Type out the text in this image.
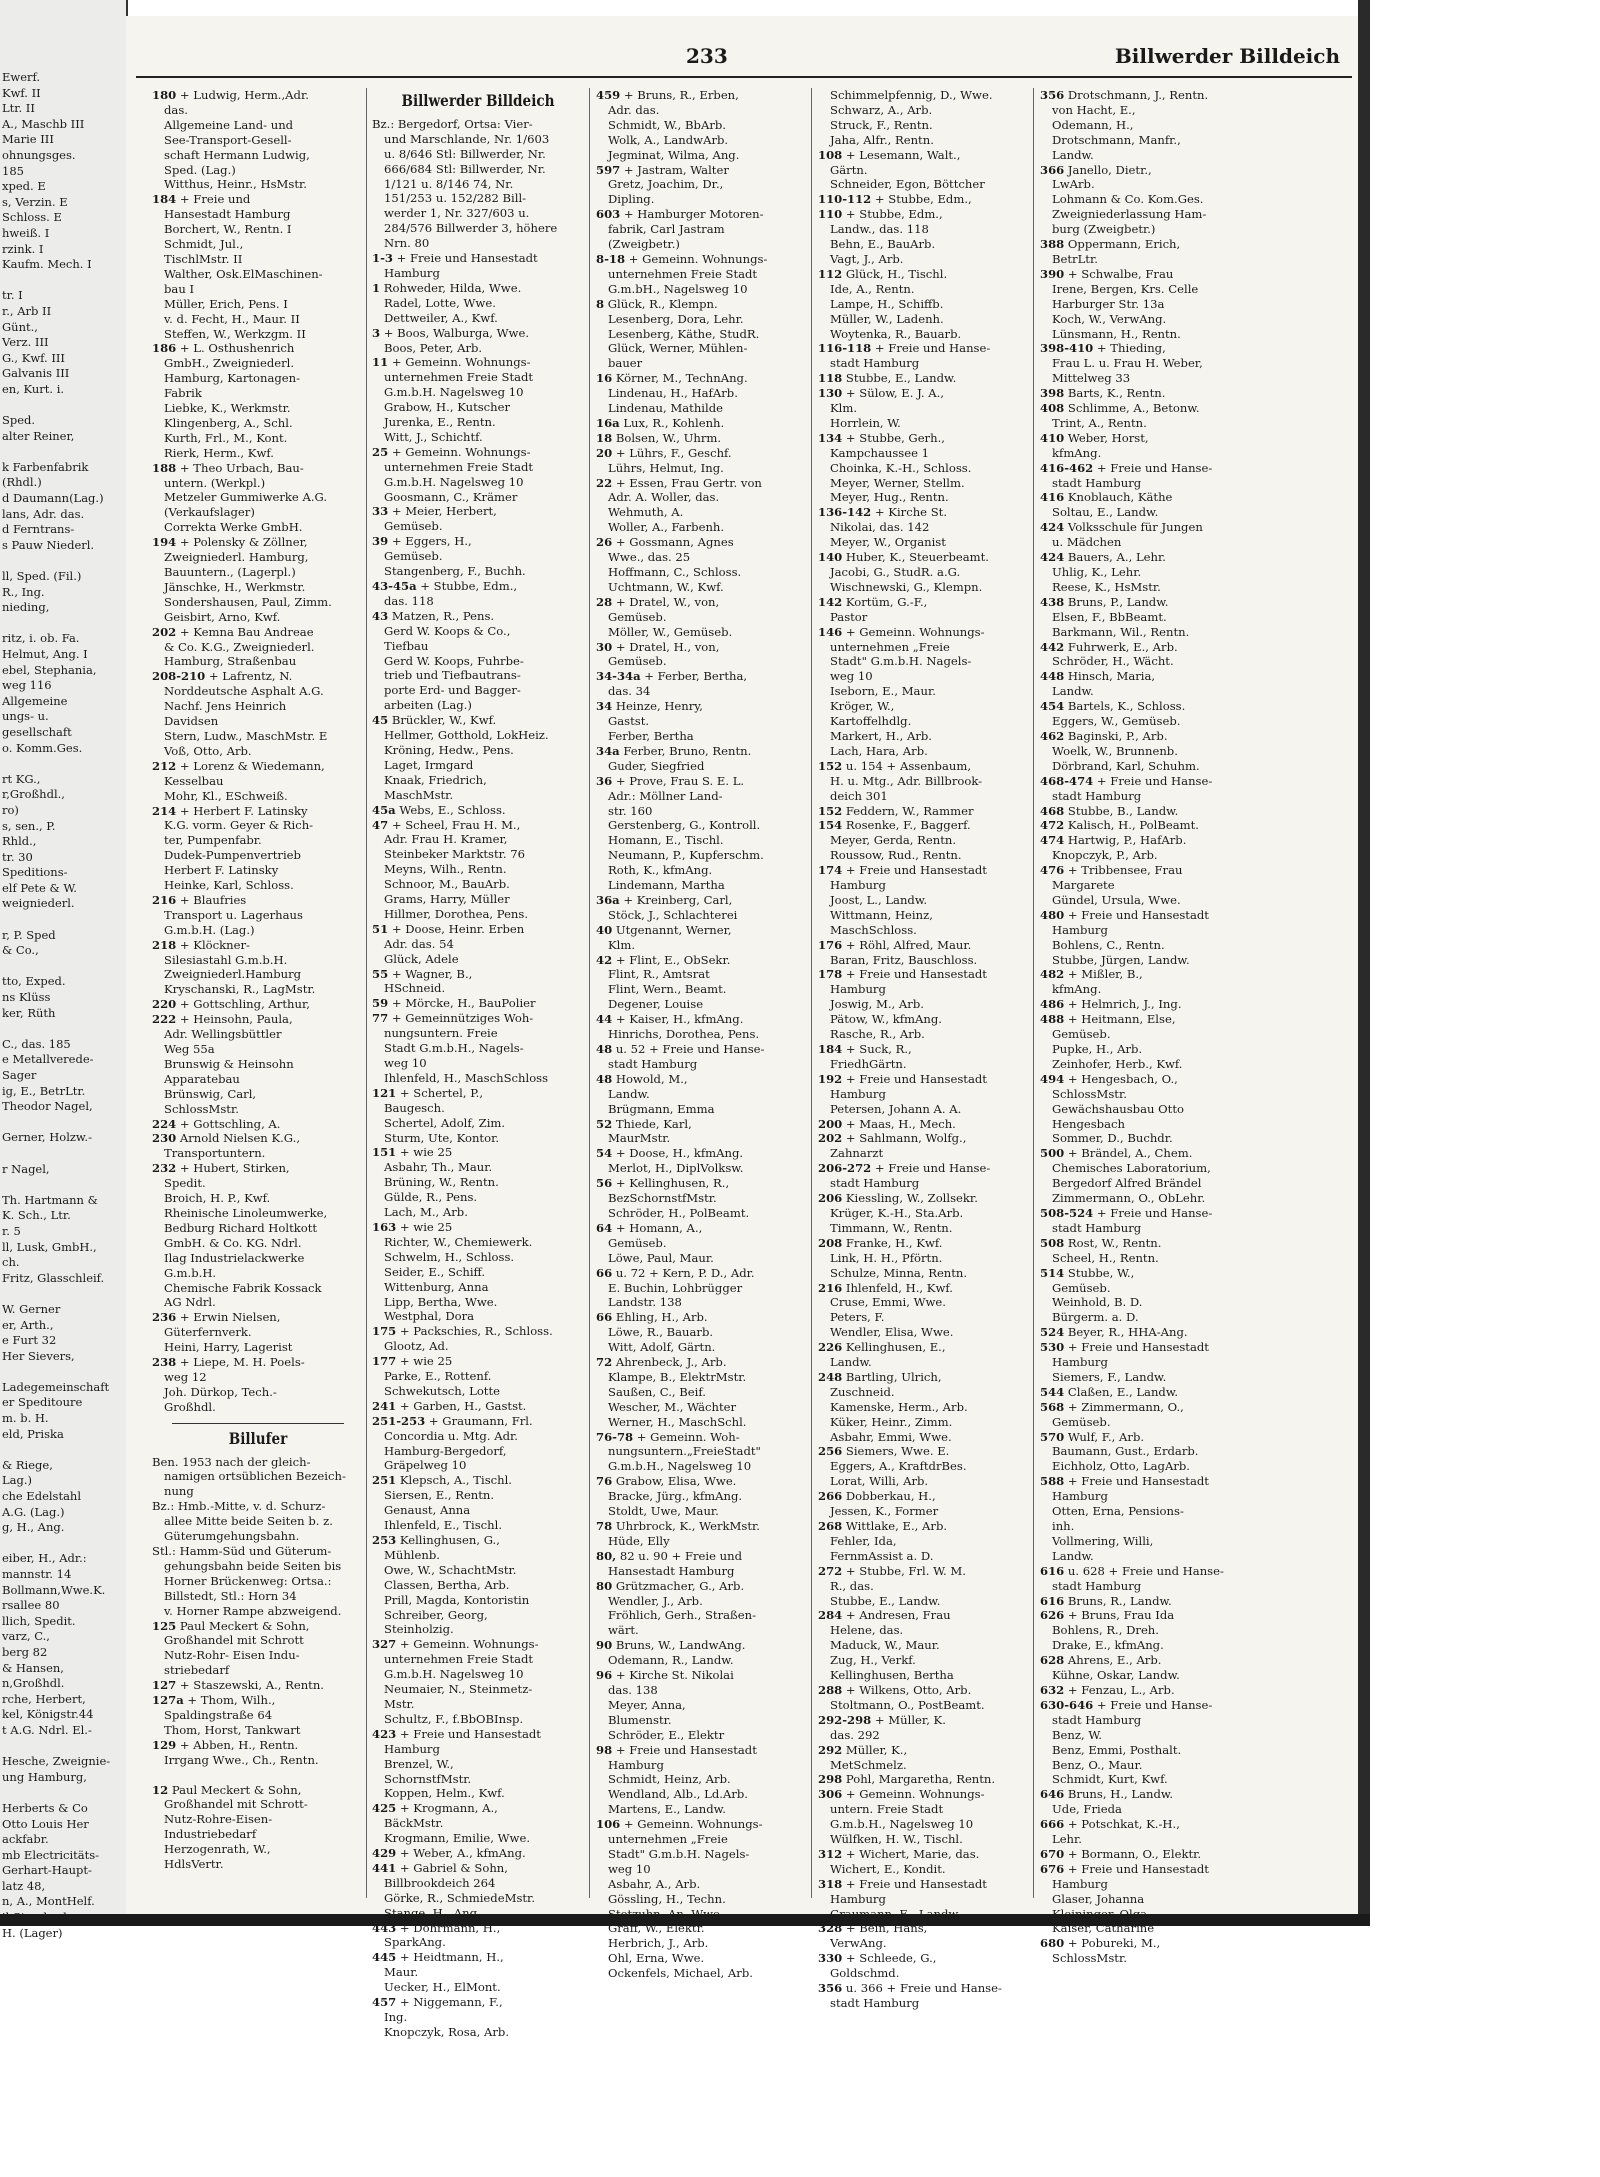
Ewerf.
Kwf. II
Ltr. II
A., Maschb III
Marie III
ohnungsges.
185
xped. E
s, Verzin. E
Schloss. E
hweiß. I
rzink. I
Kaufm. Mech. I

tr. I
r., Arb II
Günt.,
Verz. III
G., Kwf. III
Galvanis III
en, Kurt. i.

Sped.
alter Reiner,

k Farbenfabrik
(Rhdl.)
d Daumann(Lag.)
lans, Adr. das.
d Ferntrans-
s Pauw Niederl.

ll, Sped. (Fil.)
R., Ing.
nieding,

ritz, i. ob. Fa.
Helmut, Ang. I
ebel, Stephania,
weg 116
Allgemeine
ungs- u.
gesellschaft
o. Komm.Ges.

rt KG.,
r,Großhdl.,
ro)
s, sen., P.
Rhld.,
tr. 30
Speditions-
elf Pete & W.
weigniederl.

r, P. Sped
& Co.,

tto, Exped.
ns Klüss
ker, Rüth

C., das. 185
e Metallverede-
Sager
ig, E., BetrLtr.
Theodor Nagel,

Gerner, Holzw.-

r Nagel,

Th. Hartmann &
K. Sch., Ltr.
r. 5
ll, Lusk, GmbH.,
ch.
Fritz, Glasschleif.

W. Gerner
er, Arth.,
e Furt 32
Her Sievers,

Ladegemeinschaft
er Speditoure
m. b. H.
eld, Priska

& Riege,
Lag.)
che Edelstahl
A.G. (Lag.)
g, H., Ang.

eiber, H., Adr.:
mannstr. 14
Bollmann,Wwe.K.
rsallee 80
llich, Spedit.
varz, C.,
berg 82
& Hansen,
n,Großhdl.
rche, Herbert,
kel, Königstr.44
t A.G. Ndrl. El.-

Hesche, Zweignie-
ung Hamburg,

Herberts & Co
Otto Louis Her
ackfabr.
mb Electricitäts-
Gerhart-Haupt-
latz 48,
n, A., MontHelf.
H. (Lager)
233	Billwerder Billdeich
180 + Ludwig, Herm.,Adr.
das.
Allgemeine Land- und
See-Transport-Gesell-
schaft Hermann Ludwig,
Sped. (Lag.)
Witthus, Heinr., HsMstr.
184 + Freie und
Hansestadt Hamburg
Borchert, W., Rentn. I
Schmidt, Jul.,
TischlMstr. II
Walther, Osk.ElMaschinen-
bau I
Müller, Erich, Pens. I
v. d. Fecht, H., Maur. II
Steffen, W., Werkzgm. II
186 + L. Osthushenrich
GmbH., Zweigniederl.
Hamburg, Kartonagen-
Fabrik
Liebke, K., Werkmstr.
Klingenberg, A., Schl.
Kurth, Frl., M., Kont.
Rierk, Herm., Kwf.
188 + Theo Urbach, Bau-
untern. (Werkpl.)
Metzeler Gummiwerke A.G.
(Verkaufslager)
Correkta Werke GmbH.
194 + Polensky & Zöllner,
Zweigniederl. Hamburg,
Bauuntern., (Lagerpl.)
Jänschke, H., Werkmstr.
Sondershausen, Paul, Zimm.
Geisbirt, Arno, Kwf.
202 + Kemna Bau Andreae
& Co. K.G., Zweigniederl.
Hamburg, Straßenbau
208-210 + Lafrentz, N.
Norddeutsche Asphalt A.G.
Nachf. Jens Heinrich
Davidsen
Stern, Ludw., MaschMstr. E
Voß, Otto, Arb.
212 + Lorenz & Wiedemann,
Kesselbau
Mohr, Kl., ESchweiß.
214 + Herbert F. Latinsky
K.G. vorm. Geyer & Rich-
ter, Pumpenfabr.
Dudek-Pumpenvertrieb
Herbert F. Latinsky
Heinke, Karl, Schloss.
216 + Blaufries
Transport u. Lagerhaus
G.m.b.H. (Lag.)
218 + Klöckner-
Silesiastahl G.m.b.H.
Zweigniederl.Hamburg
Kryschanski, R., LagMstr.
220 + Gottschling, Arthur,
222 + Heinsohn, Paula,
Adr. Wellingsbüttler
Weg 55a
Brunswig & Heinsohn
Apparatebau
Brünswig, Carl,
SchlossMstr.
224 + Gottschling, A.
230 Arnold Nielsen K.G.,
Transportuntern.
232 + Hubert, Stirken,
Spedit.
Broich, H. P., Kwf.
Rheinische Linoleumwerke,
Bedburg Richard Holtkott
GmbH. & Co. KG. Ndrl.
Ilag Industrielackwerke
G.m.b.H.
Chemische Fabrik Kossack
AG Ndrl.
236 + Erwin Nielsen,
Güterfernverk.
Heini, Harry, Lagerist
238 + Liepe, M. H. Poels-
weg 12
Joh. Dürkop, Tech.-
Großhdl.
Billufer
Ben. 1953 nach der gleich-
namigen ortsüblichen Bezeich-
nung
Bz.: Hmb.-Mitte, v. d. Schurz-
allee Mitte beide Seiten b. z.
Güterumgehungsbahn.
Stl.: Hamm-Süd und Güterum-
gehungsbahn beide Seiten bis
Horner Brückenweg: Ortsa.:
Billstedt, Stl.: Horn 34
v. Horner Rampe abzweigend.
125 Paul Meckert & Sohn,
Großhandel mit Schrott
Nutz-Rohr- Eisen Indu-
striebedarf
127 + Staszewski, A., Rentn.
127a + Thom, Wilh.,
Spaldingstraße 64
Thom, Horst, Tankwart
129 + Abben, H., Rentn.
Irrgang Wwe., Ch., Rentn.

12 Paul Meckert & Sohn,
Großhandel mit Schrott-
Nutz-Rohre-Eisen-
Industriebedarf
Herzogenrath, W.,
HdlsVertr.
Billwerder Billdeich
Bz.: Bergedorf, Ortsa: Vier-
und Marschlande, Nr. 1/603
u. 8/646 Stl: Billwerder, Nr.
666/684 Stl: Billwerder, Nr.
1/121 u. 8/146 74, Nr.
151/253 u. 152/282 Bill-
werder 1, Nr. 327/603 u.
284/576 Billwerder 3, höhere
Nrn. 80
1-3 + Freie und Hansestadt
Hamburg
1 Rohweder, Hilda, Wwe.
Radel, Lotte, Wwe.
Dettweiler, A., Kwf.
3 + Boos, Walburga, Wwe.
Boos, Peter, Arb.
11 + Gemeinn. Wohnungs-
unternehmen Freie Stadt
G.m.b.H. Nagelsweg 10
Grabow, H., Kutscher
Jurenka, E., Rentn.
Witt, J., Schichtf.
25 + Gemeinn. Wohnungs-
unternehmen Freie Stadt
G.m.b.H. Nagelsweg 10
Goosmann, C., Krämer
33 + Meier, Herbert,
Gemüseb.
39 + Eggers, H.,
Gemüseb.
Stangenberg, F., Buchh.
43-45a + Stubbe, Edm.,
das. 118
43 Matzen, R., Pens.
Gerd W. Koops & Co.,
Tiefbau
Gerd W. Koops, Fuhrbe-
trieb und Tiefbautrans-
porte Erd- und Bagger-
arbeiten (Lag.)
45 Brückler, W., Kwf.
Hellmer, Gotthold, LokHeiz.
Kröning, Hedw., Pens.
Laget, Irmgard
Knaak, Friedrich,
MaschMstr.
45a Webs, E., Schloss.
47 + Scheel, Frau H. M.,
Adr. Frau H. Kramer,
Steinbeker Marktstr. 76
Meyns, Wilh., Rentn.
Schnoor, M., BauArb.
Grams, Harry, Müller
Hillmer, Dorothea, Pens.
51 + Doose, Heinr. Erben
Adr. das. 54
Glück, Adele
55 + Wagner, B.,
HSchneid.
59 + Mörcke, H., BauPolier
77 + Gemeinnütziges Woh-
nungsuntern. Freie
Stadt G.m.b.H., Nagels-
weg 10
Ihlenfeld, H., MaschSchloss
121 + Schertel, P.,
Baugesch.
Schertel, Adolf, Zim.
Sturm, Ute, Kontor.
151 + wie 25
Asbahr, Th., Maur.
Brüning, W., Rentn.
Gülde, R., Pens.
Lach, M., Arb.
163 + wie 25
Richter, W., Chemiewerk.
Schwelm, H., Schloss.
Seider, E., Schiff.
Wittenburg, Anna
Lipp, Bertha, Wwe.
Westphal, Dora
175 + Packschies, R., Schloss.
Glootz, Ad.
177 + wie 25
Parke, E., Rottenf.
Schwekutsch, Lotte
241 + Garben, H., Gastst.
251-253 + Graumann, Frl.
Concordia u. Mtg. Adr.
Hamburg-Bergedorf,
Gräpelweg 10
251 Klepsch, A., Tischl.
Siersen, E., Rentn.
Genaust, Anna
Ihlenfeld, E., Tischl.
253 Kellinghusen, G.,
Mühlenb.
Owe, W., SchachtMstr.
Classen, Bertha, Arb.
Prill, Magda, Kontoristin
Schreiber, Georg,
Steinholzig.
327 + Gemeinn. Wohnungs-
unternehmen Freie Stadt
G.m.b.H. Nagelsweg 10
Neumaier, N., Steinmetz-
Mstr.
Schultz, F., f.BbOBInsp.
423 + Freie und Hansestadt
Hamburg
Brenzel, W.,
SchornstfMstr.
Koppen, Helm., Kwf.
425 + Krogmann, A.,
BäckMstr.
Krogmann, Emilie, Wwe.
429 + Weber, A., kfmAng.
441 + Gabriel & Sohn,
Billbrookdeich 264
Görke, R., SchmiedeMstr.
Stange, H., Ang.
443 + Dohrmann, H.,
SparkAng.
445 + Heidtmann, H.,
Maur.
Uecker, H., ElMont.
457 + Niggemann, F.,
Ing.
Knopczyk, Rosa, Arb.
459 + Bruns, R., Erben,
Adr. das.
Schmidt, W., BbArb.
Wolk, A., LandwArb.
Jegminat, Wilma, Ang.
597 + Jastram, Walter
Gretz, Joachim, Dr.,
Dipling.
603 + Hamburger Motoren-
fabrik, Carl Jastram
(Zweigbetr.)
8-18 + Gemeinn. Wohnungs-
unternehmen Freie Stadt
G.m.bH., Nagelsweg 10
8 Glück, R., Klempn.
Lesenberg, Dora, Lehr.
Lesenberg, Käthe, StudR.
Glück, Werner, Mühlen-
bauer
16 Körner, M., TechnAng.
Lindenau, H., HafArb.
Lindenau, Mathilde
16a Lux, R., Kohlenh.
18 Bolsen, W., Uhrm.
20 + Lührs, F., Geschf.
Lührs, Helmut, Ing.
22 + Essen, Frau Gertr. von
Adr. A. Woller, das.
Wehmuth, A.
Woller, A., Farbenh.
26 + Gossmann, Agnes
Wwe., das. 25
Hoffmann, C., Schloss.
Uchtmann, W., Kwf.
28 + Dratel, W., von,
Gemüseb.
Möller, W., Gemüseb.
30 + Dratel, H., von,
Gemüseb.
34-34a + Ferber, Bertha,
das. 34
34 Heinze, Henry,
Gastst.
Ferber, Bertha
34a Ferber, Bruno, Rentn.
Guder, Siegfried
36 + Prove, Frau S. E. L.
Adr.: Möllner Land-
str. 160
Gerstenberg, G., Kontroll.
Homann, E., Tischl.
Neumann, P., Kupferschm.
Roth, K., kfmAng.
Lindemann, Martha
36a + Kreinberg, Carl,
Stöck, J., Schlachterei
40 Utgenannt, Werner,
Klm.
42 + Flint, E., ObSekr.
Flint, R., Amtsrat
Flint, Wern., Beamt.
Degener, Louise
44 + Kaiser, H., kfmAng.
Hinrichs, Dorothea, Pens.
48 u. 52 + Freie und Hanse-
stadt Hamburg
48 Howold, M.,
Landw.
Brügmann, Emma
52 Thiede, Karl,
MaurMstr.
54 + Doose, H., kfmAng.
Merlot, H., DiplVolksw.
56 + Kellinghusen, R.,
BezSchornstfMstr.
Schröder, H., PolBeamt.
64 + Homann, A.,
Gemüseb.
Löwe, Paul, Maur.
66 u. 72 + Kern, P. D., Adr.
E. Buchin, Lohbrügger
Landstr. 138
66 Ehling, H., Arb.
Löwe, R., Bauarb.
Witt, Adolf, Gärtn.
72 Ahrenbeck, J., Arb.
Klampe, B., ElektrMstr.
Saußen, C., Beif.
Wescher, M., Wächter
Werner, H., MaschSchl.
76-78 + Gemeinn. Woh-
nungsuntern.„FreieStadt"
G.m.b.H., Nagelsweg 10
76 Grabow, Elisa, Wwe.
Bracke, Jürg., kfmAng.
Stoldt, Uwe, Maur.
78 Uhrbrock, K., WerkMstr.
Hüde, Elly
80, 82 u. 90 + Freie und
Hansestadt Hamburg
80 Grützmacher, G., Arb.
Wendler, J., Arb.
Fröhlich, Gerh., Straßen-
wärt.
90 Bruns, W., LandwAng.
Odemann, R., Landw.
96 + Kirche St. Nikolai
das. 138
Meyer, Anna,
Blumenstr.
Schröder, E., Elektr
98 + Freie und Hansestadt
Hamburg
Schmidt, Heinz, Arb.
Wendland, Alb., Ld.Arb.
Martens, E., Landw.
106 + Gemeinn. Wohnungs-
unternehmen „Freie
Stadt" G.m.b.H. Nagels-
weg 10
Asbahr, A., Arb.
Gössling, H., Techn.
Stetzuhn, An. Wwe.
Graff, W., Elektr.
Herbrich, J., Arb.
Ohl, Erna, Wwe.
Ockenfels, Michael, Arb.
Schimmelpfennig, D., Wwe.
Schwarz, A., Arb.
Struck, F., Rentn.
Jaha, Alfr., Rentn.
108 + Lesemann, Walt.,
Gärtn.
Schneider, Egon, Böttcher
110-112 + Stubbe, Edm.,
110 + Stubbe, Edm.,
Landw., das. 118
Behn, E., BauArb.
Vagt, J., Arb.
112 Glück, H., Tischl.
Ide, A., Rentn.
Lampe, H., Schiffb.
Müller, W., Ladenh.
Woytenka, R., Bauarb.
116-118 + Freie und Hanse-
stadt Hamburg
118 Stubbe, E., Landw.
130 + Sülow, E. J. A.,
Klm.
Horrlein, W.
134 + Stubbe, Gerh.,
Kampchaussee 1
Choinka, K.-H., Schloss.
Meyer, Werner, Stellm.
Meyer, Hug., Rentn.
136-142 + Kirche St.
Nikolai, das. 142
Meyer, W., Organist
140 Huber, K., Steuerbeamt.
Jacobi, G., StudR. a.G.
Wischnewski, G., Klempn.
142 Kortüm, G.-F.,
Pastor
146 + Gemeinn. Wohnungs-
unternehmen „Freie
Stadt" G.m.b.H. Nagels-
weg 10
Iseborn, E., Maur.
Kröger, W.,
Kartoffelhdlg.
Markert, H., Arb.
Lach, Hara, Arb.
152 u. 154 + Assenbaum,
H. u. Mtg., Adr. Billbrook-
deich 301
152 Feddern, W., Rammer
154 Rosenke, F., Baggerf.
Meyer, Gerda, Rentn.
Roussow, Rud., Rentn.
174 + Freie und Hansestadt
Hamburg
Joost, L., Landw.
Wittmann, Heinz,
MaschSchloss.
176 + Röhl, Alfred, Maur.
Baran, Fritz, Bauschloss.
178 + Freie und Hansestadt
Hamburg
Joswig, M., Arb.
Pätow, W., kfmAng.
Rasche, R., Arb.
184 + Suck, R.,
FriedhGärtn.
192 + Freie und Hansestadt
Hamburg
Petersen, Johann A. A.
200 + Maas, H., Mech.
202 + Sahlmann, Wolfg.,
Zahnarzt
206-272 + Freie und Hanse-
stadt Hamburg
206 Kiessling, W., Zollsekr.
Krüger, K.-H., Sta.Arb.
Timmann, W., Rentn.
208 Franke, H., Kwf.
Link, H. H., Pförtn.
Schulze, Minna, Rentn.
216 Ihlenfeld, H., Kwf.
Cruse, Emmi, Wwe.
Peters, F.
Wendler, Elisa, Wwe.
226 Kellinghusen, E.,
Landw.
248 Bartling, Ulrich,
Zuschneid.
Kamenske, Herm., Arb.
Küker, Heinr., Zimm.
Asbahr, Emmi, Wwe.
256 Siemers, Wwe. E.
Eggers, A., KraftdrBes.
Lorat, Willi, Arb.
266 Dobberkau, H.,
Jessen, K., Former
268 Wittlake, E., Arb.
Fehler, Ida,
FernmAssist a. D.
272 + Stubbe, Frl. W. M.
R., das.
Stubbe, E., Landw.
284 + Andresen, Frau
Helene, das.
Maduck, W., Maur.
Zug, H., Verkf.
Kellinghusen, Bertha
288 + Wilkens, Otto, Arb.
Stoltmann, O., PostBeamt.
292-298 + Müller, K.
das. 292
292 Müller, K.,
MetSchmelz.
298 Pohl, Margaretha, Rentn.
306 + Gemeinn. Wohnungs-
untern. Freie Stadt
G.m.b.H., Nagelsweg 10
Wülfken, H. W., Tischl.
312 + Wichert, Marie, das.
Wichert, E., Kondit.
318 + Freie und Hansestadt
Hamburg
Graumann, E., Landw.
328 + Bein, Hans,
VerwAng.
330 + Schleede, G.,
Goldschmd.
356 u. 366 + Freie und Hanse-
stadt Hamburg
356 Drotschmann, J., Rentn.
von Hacht, E.,
Odemann, H.,
Drotschmann, Manfr.,
Landw.
366 Janello, Dietr.,
LwArb.
Lohmann & Co. Kom.Ges.
Zweigniederlassung Ham-
burg (Zweigbetr.)
388 Oppermann, Erich,
BetrLtr.
390 + Schwalbe, Frau
Irene, Bergen, Krs. Celle
Harburger Str. 13a
Koch, W., VerwAng.
Lünsmann, H., Rentn.
398-410 + Thieding,
Frau L. u. Frau H. Weber,
Mittelweg 33
398 Barts, K., Rentn.
408 Schlimme, A., Betonw.
Trint, A., Rentn.
410 Weber, Horst,
kfmAng.
416-462 + Freie und Hanse-
stadt Hamburg
416 Knoblauch, Käthe
Soltau, E., Landw.
424 Volksschule für Jungen
u. Mädchen
424 Bauers, A., Lehr.
Uhlig, K., Lehr.
Reese, K., HsMstr.
438 Bruns, P., Landw.
Elsen, F., BbBeamt.
Barkmann, Wil., Rentn.
442 Fuhrwerk, E., Arb.
Schröder, H., Wächt.
448 Hinsch, Maria,
Landw.
454 Bartels, K., Schloss.
Eggers, W., Gemüseb.
462 Baginski, P., Arb.
Woelk, W., Brunnenb.
Dörbrand, Karl, Schuhm.
468-474 + Freie und Hanse-
stadt Hamburg
468 Stubbe, B., Landw.
472 Kalisch, H., PolBeamt.
474 Hartwig, P., HafArb.
Knopczyk, P., Arb.
476 + Tribbensee, Frau
Margarete
Gündel, Ursula, Wwe.
480 + Freie und Hansestadt
Hamburg
Bohlens, C., Rentn.
Stubbe, Jürgen, Landw.
482 + Mißler, B.,
kfmAng.
486 + Helmrich, J., Ing.
488 + Heitmann, Else,
Gemüseb.
Pupke, H., Arb.
Zeinhofer, Herb., Kwf.
494 + Hengesbach, O.,
SchlossMstr.
Gewächshausbau Otto
Hengesbach
Sommer, D., Buchdr.
500 + Brändel, A., Chem.
Chemisches Laboratorium,
Bergedorf Alfred Brändel
Zimmermann, O., ObLehr.
508-524 + Freie und Hanse-
stadt Hamburg
508 Rost, W., Rentn.
Scheel, H., Rentn.
514 Stubbe, W.,
Gemüseb.
Weinhold, B. D.
Bürgerm. a. D.
524 Beyer, R., HHA-Ang.
530 + Freie und Hansestadt
Hamburg
Siemers, F., Landw.
544 Claßen, E., Landw.
568 + Zimmermann, O.,
Gemüseb.
570 Wulf, F., Arb.
Baumann, Gust., Erdarb.
Eichholz, Otto, LagArb.
588 + Freie und Hansestadt
Hamburg
Otten, Erna, Pensions-
inh.
Vollmering, Willi,
Landw.
616 u. 628 + Freie und Hanse-
stadt Hamburg
616 Bruns, R., Landw.
626 + Bruns, Frau Ida
Bohlens, R., Dreh.
Drake, E., kfmAng.
628 Ahrens, E., Arb.
Kühne, Oskar, Landw.
632 + Fenzau, L., Arb.
630-646 + Freie und Hanse-
stadt Hamburg
Benz, W.
Benz, Emmi, Posthalt.
Benz, O., Maur.
Schmidt, Kurt, Kwf.
646 Bruns, H., Landw.
Ude, Frieda
666 + Potschkat, K.-H.,
Lehr.
670 + Bormann, O., Elektr.
676 + Freie und Hansestadt
Hamburg
Glaser, Johanna
Kleininger, Olga
Kaiser, Catharine
680 + Pobureki, M.,
SchlossMstr.
